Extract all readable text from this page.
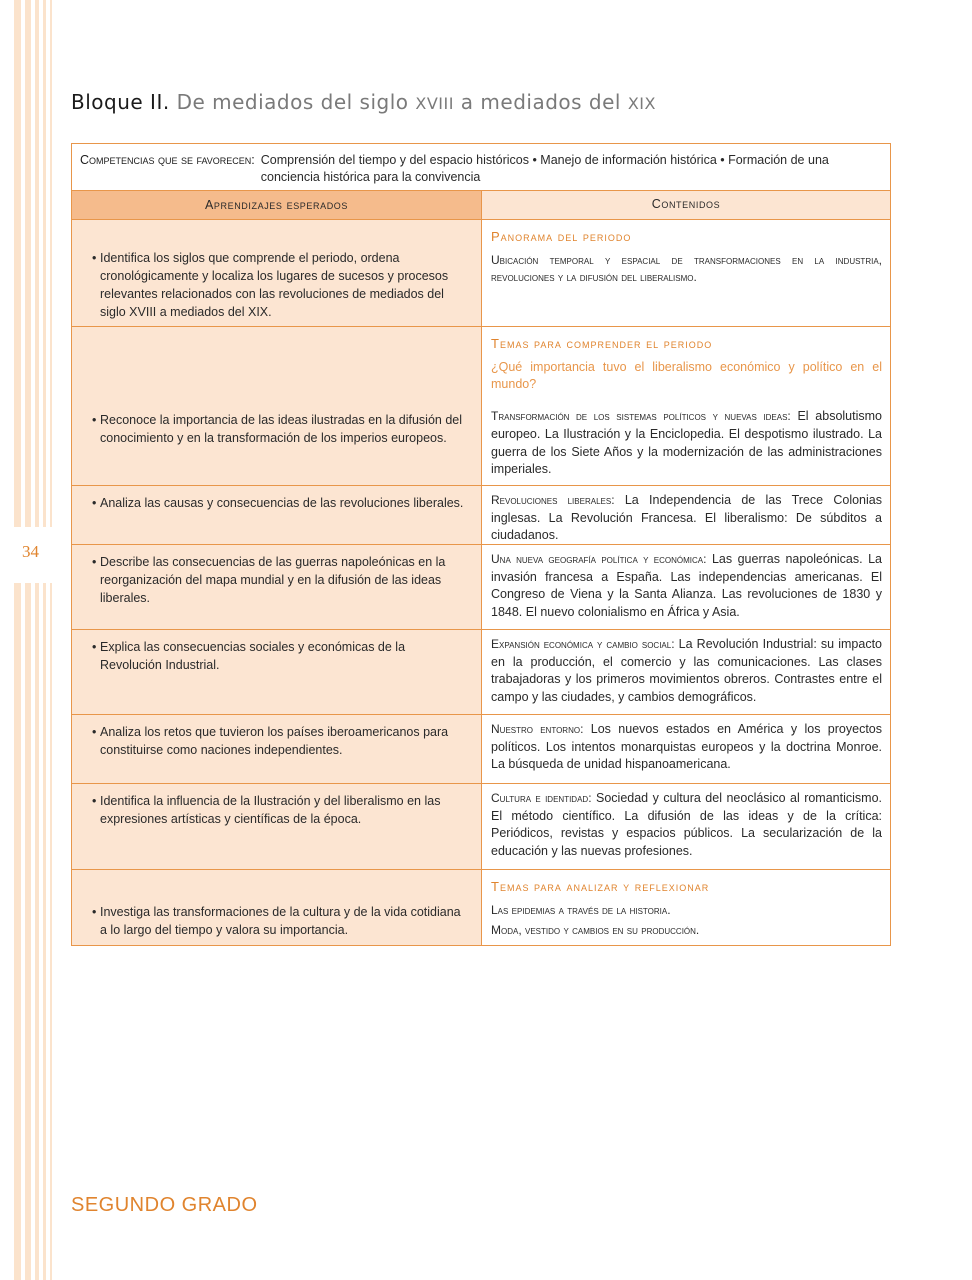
34
Bloque II. De mediados del siglo XVIII a mediados del XIX
Competencias que se favorecen: Comprensión del tiempo y del espacio históricos • Manejo de información histórica • Formación de una conciencia histórica para la convivencia
Aprendizajes esperados	Contenidos
• Identifica los siglos que comprende el periodo, ordena cronológicamente y localiza los lugares de sucesos y procesos relevantes relacionados con las revoluciones de mediados del siglo XVIII a mediados del XIX.
Panorama del periodo
Ubicación temporal y espacial de transformaciones en la industria, revoluciones y la difusión del liberalismo.
• Reconoce la importancia de las ideas ilustradas en la difusión del conocimiento y en la transformación de los imperios europeos.
Temas para comprender el periodo
¿Qué importancia tuvo el liberalismo económico y político en el mundo?
Transformación de los sistemas políticos y nuevas ideas: El absolutismo europeo. La Ilustración y la Enciclopedia. El despotismo ilustrado. La guerra de los Siete Años y la modernización de las administraciones imperiales.
• Analiza las causas y consecuencias de las revoluciones liberales. Revoluciones liberales: La Independencia de las Trece Colonias inglesas. La Revolución Francesa. El liberalismo: De súbditos a ciudadanos.
• Describe las consecuencias de las guerras napoleónicas en la reorganización del mapa mundial y en la difusión de las ideas liberales.
Una nueva geografía política y económica: Las guerras napoleónicas. La invasión francesa a España. Las independencias americanas. El Congreso de Viena y la Santa Alianza. Las revoluciones de 1830 y 1848. El nuevo colonialismo en África y Asia.
• Explica las consecuencias sociales y económicas de la Revolución Industrial.
Expansión económica y cambio social: La Revolución Industrial: su impacto en la producción, el comercio y las comunicaciones. Las clases trabajadoras y los primeros movimientos obreros. Contrastes entre el campo y las ciudades, y cambios demográficos.
• Analiza los retos que tuvieron los países iberoamericanos para constituirse como naciones independientes.
Nuestro entorno: Los nuevos estados en América y los proyectos políticos. Los intentos monarquistas europeos y la doctrina Monroe. La búsqueda de unidad hispanoamericana.
• Identifica la influencia de la Ilustración y del liberalismo en las expresiones artísticas y científicas de la época.
Cultura e identidad: Sociedad y cultura del neoclásico al romanticismo. El método científico. La difusión de las ideas y de la crítica: Periódicos, revistas y espacios públicos. La secularización de la educación y las nuevas profesiones.
• Investiga las transformaciones de la cultura y de la vida cotidiana a lo largo del tiempo y valora su importancia.
Temas para analizar y reflexionar
Las epidemias a través de la historia.
Moda, vestido y cambios en su producción.
SEGUNDO GRADO
